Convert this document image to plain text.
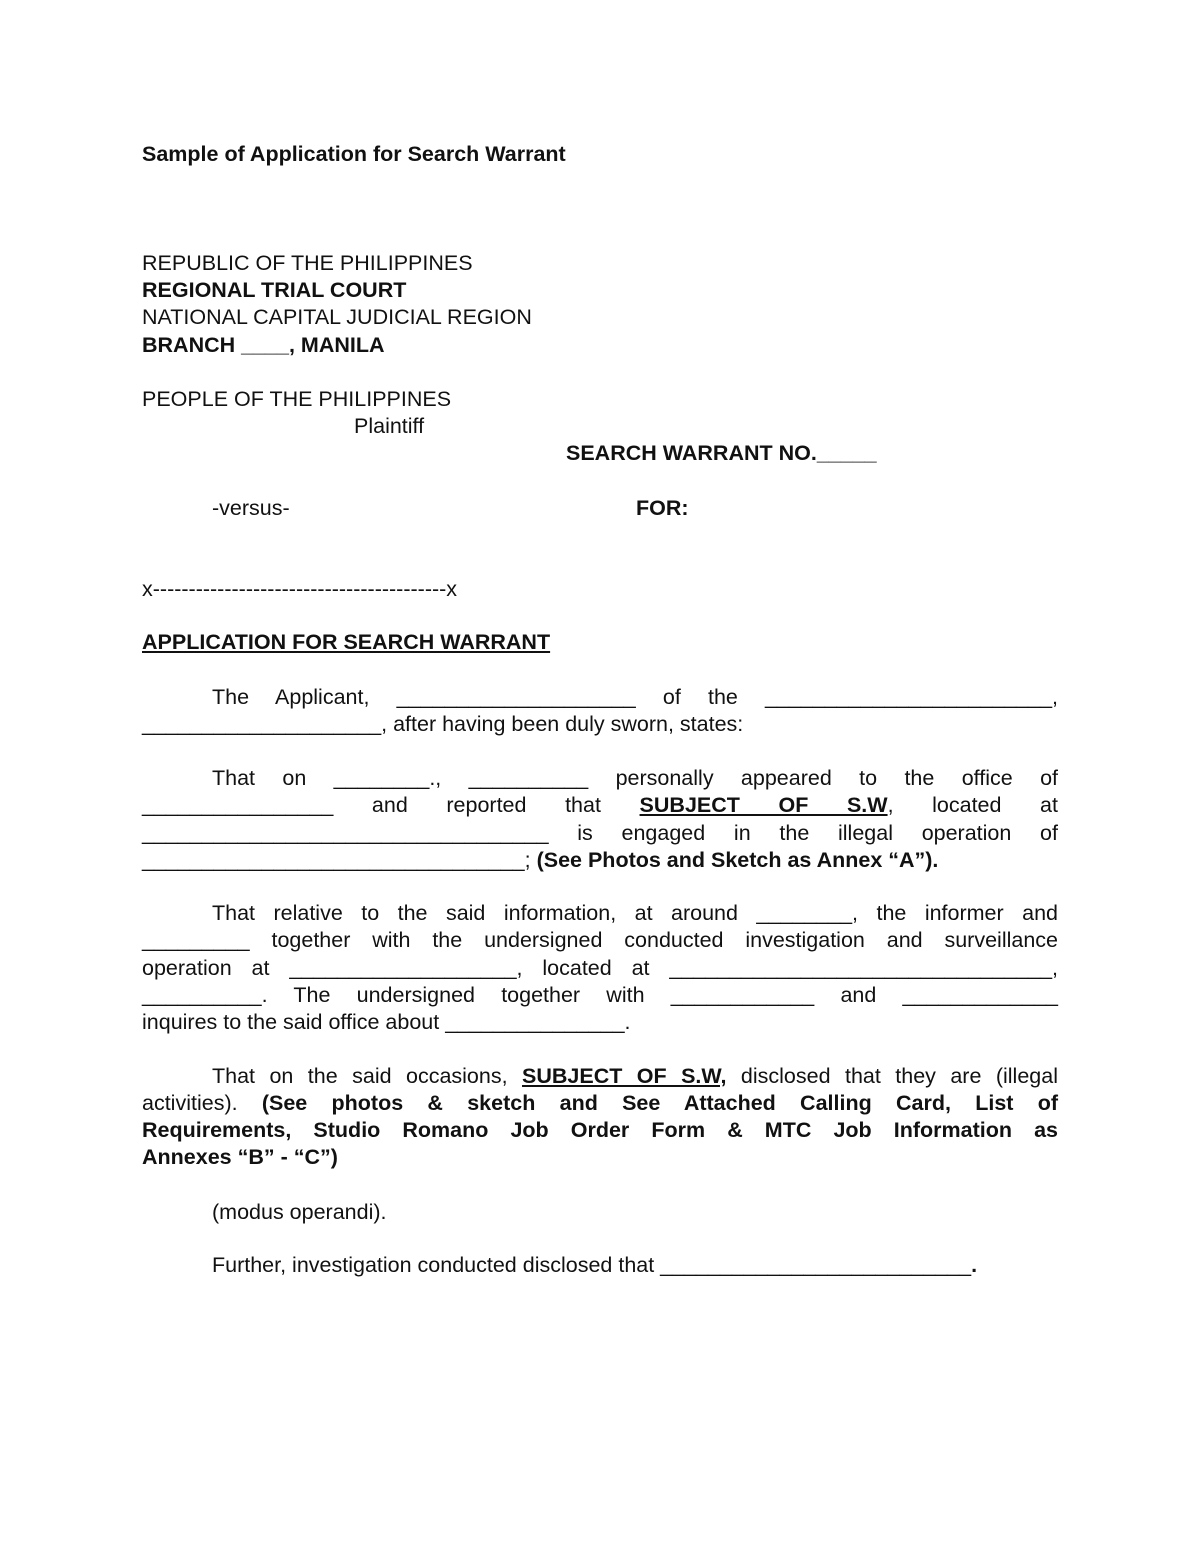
Sample of Application for Search Warrant
REPUBLIC OF THE PHILIPPINES
REGIONAL TRIAL COURT
NATIONAL CAPITAL JUDICIAL REGION
BRANCH ____, MANILA
PEOPLE OF THE PHILIPPINES
Plaintiff
SEARCH WARRANT NO._____
-versus-	FOR:
x-----------------------------------------x
APPLICATION FOR SEARCH WARRANT
The Applicant, ____________________ of the ________________________,
____________________, after having been duly sworn, states:
That on ________., __________ personally appeared to the office of
________________ and reported that SUBJECT OF S.W, located at
__________________________________ is engaged in the illegal operation of
________________________________; (See Photos and Sketch as Annex “A”).
That relative to the said information, at around ________, the informer and
_________ together with the undersigned conducted investigation and surveillance
operation at ___________________, located at ________________________________,
__________. The undersigned together with ____________ and _____________
inquires to the said office about _______________.
That on the said occasions, SUBJECT OF S.W, disclosed that they are (illegal
activities). (See photos & sketch and See Attached Calling Card, List of
Requirements, Studio Romano Job Order Form & MTC Job Information as
Annexes “B” - “C”)
(modus operandi).
Further, investigation conducted disclosed that __________________________.
